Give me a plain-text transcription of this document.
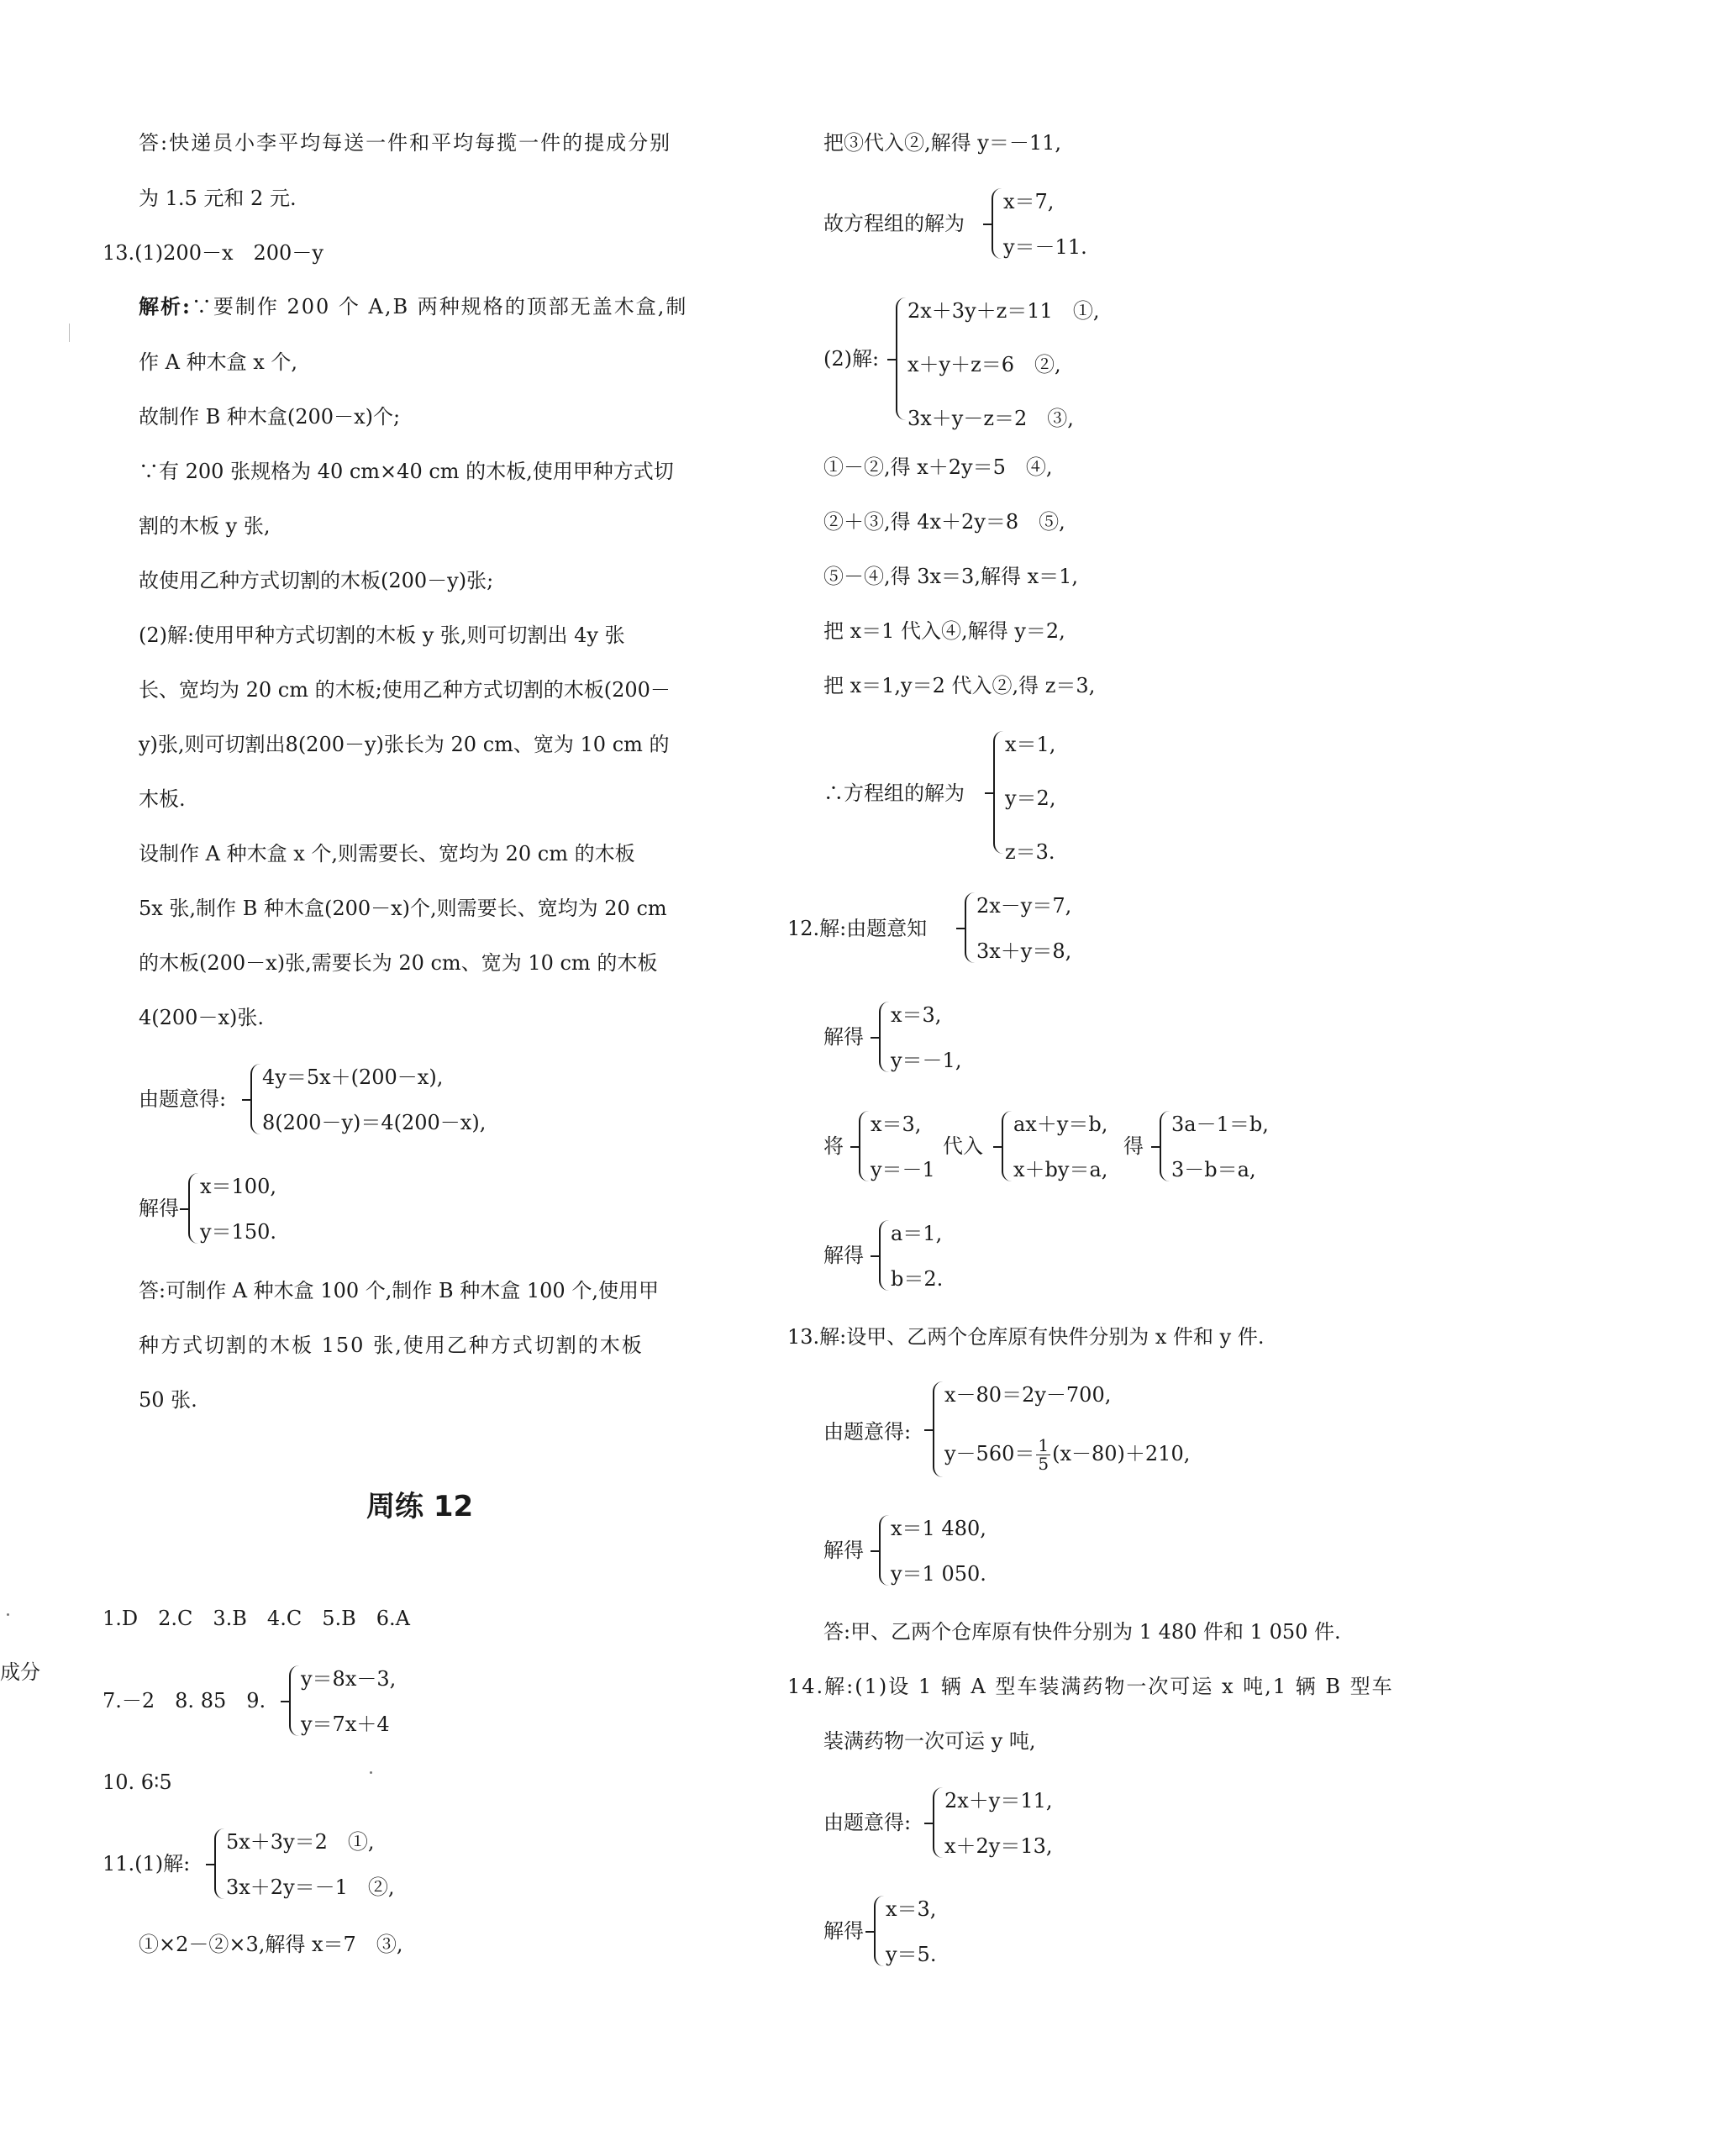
答:快递员小李平均每送一件和平均每揽一件的提成分别
为 1.5 元和 2 元.
13.(1)200－x　200－y
解析:∵要制作 200 个 A,B 两种规格的顶部无盖木盒,制
作 A 种木盒 x 个,
故制作 B 种木盒(200－x)个;
∵有 200 张规格为 40 cm×40 cm 的木板,使用甲种方式切
割的木板 y 张,
故使用乙种方式切割的木板(200－y)张;
(2)解:使用甲种方式切割的木板 y 张,则可切割出 4y 张
长、宽均为 20 cm 的木板;使用乙种方式切割的木板(200－
y)张,则可切割出8(200－y)张长为 20 cm、宽为 10 cm 的
木板.
设制作 A 种木盒 x 个,则需要长、宽均为 20 cm 的木板
5x 张,制作 B 种木盒(200－x)个,则需要长、宽均为 20 cm
的木板(200－x)张,需要长为 20 cm、宽为 10 cm 的木板
4(200－x)张.
由题意得:
4y＝5x＋(200－x),
8(200－y)＝4(200－x),
解得
x＝100,
y＝150.
答:可制作 A 种木盒 100 个,制作 B 种木盒 100 个,使用甲
种方式切割的木板 150 张,使用乙种方式切割的木板
50 张.
周练 12
1.D　2.C　3.B　4.C　5.B　6.A
成分
7.－2　8. 85　9.
y＝8x－3,
y＝7x＋4
10. 6∶5
11.(1)解:
5x＋3y＝2　①,
3x＋2y＝－1　②,
①×2－②×3,解得 x＝7　③,
把③代入②,解得 y＝－11,
故方程组的解为
x＝7,
y＝－11.
(2)解:
2x＋3y＋z＝11　①,
x＋y＋z＝6　②,
3x＋y－z＝2　③,
①－②,得 x＋2y＝5　④,
②＋③,得 4x＋2y＝8　⑤,
⑤－④,得 3x＝3,解得 x＝1,
把 x＝1 代入④,解得 y＝2,
把 x＝1,y＝2 代入②,得 z＝3,
∴方程组的解为
x＝1,
y＝2,
z＝3.
12.解:由题意知
2x－y＝7,
3x＋y＝8,
解得
x＝3,
y＝－1,
将
x＝3,
y＝－1
代入
ax＋y＝b,
x＋by＝a,
得
3a－1＝b,
3－b＝a,
解得
a＝1,
b＝2.
13.解:设甲、乙两个仓库原有快件分别为 x 件和 y 件.
由题意得:
x－80＝2y－700,
$y-560= \frac{1}{5} (x-80)+210$,
解得
x＝1 480,
y＝1 050.
答:甲、乙两个仓库原有快件分别为 1 480 件和 1 050 件.
14.解:(1)设 1 辆 A 型车装满药物一次可运 x 吨,1 辆 B 型车
装满药物一次可运 y 吨,
由题意得:
2x＋y＝11,
x＋2y＝13,
解得
x＝3,
y＝5.
